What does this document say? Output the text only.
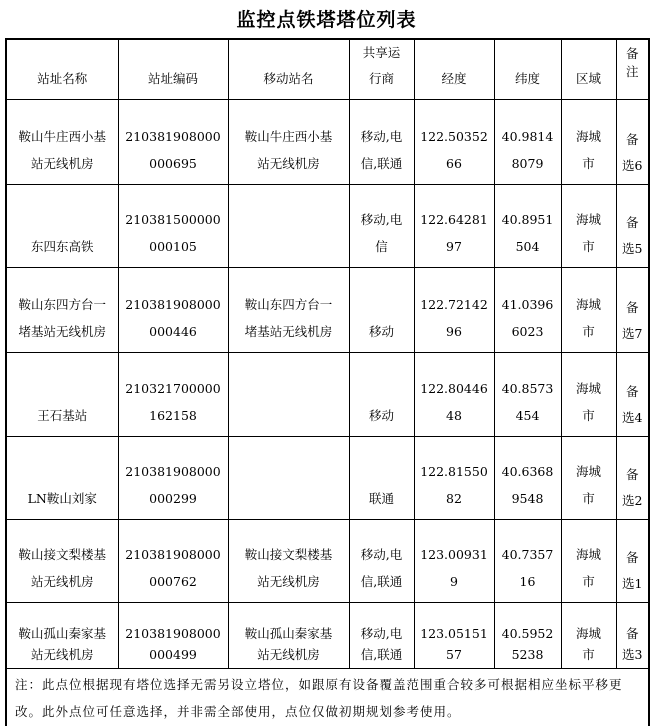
监控点铁塔塔位列表
站址名称	站址编码	移动站名	共享运行商	经度	纬度	区域	备注
鞍山牛庄西小基站无线机房	210381908000000695	鞍山牛庄西小基站无线机房	移动,电信,联通	122.5035266	40.98148079	海城市	备选6
东四东高铁	210381500000000105		移动,电信	122.6428197	40.8951504	海城市	备选5
鞍山东四方台一堵基站无线机房	210381908000000446	鞍山东四方台一堵基站无线机房	移动	122.7214296	41.03966023	海城市	备选7
王石基站	210321700000162158		移动	122.8044648	40.8573454	海城市	备选4
LN鞍山刘家	210381908000000299		联通	122.8155082	40.63689548	海城市	备选2
鞍山接文梨楼基站无线机房	210381908000000762	鞍山接文梨楼基站无线机房	移动,电信,联通	123.009319	40.735716	海城市	备选1
鞍山孤山秦家基站无线机房	210381908000000499	鞍山孤山秦家基站无线机房	移动,电信,联通	123.0515157	40.59525238	海城市	备选3
注：此点位根据现有塔位选择无需另设立塔位，如跟原有设备覆盖范围重合较多可根据相应坐标平移更改。此外点位可任意选择，并非需全部使用，点位仅做初期规划参考使用。							
